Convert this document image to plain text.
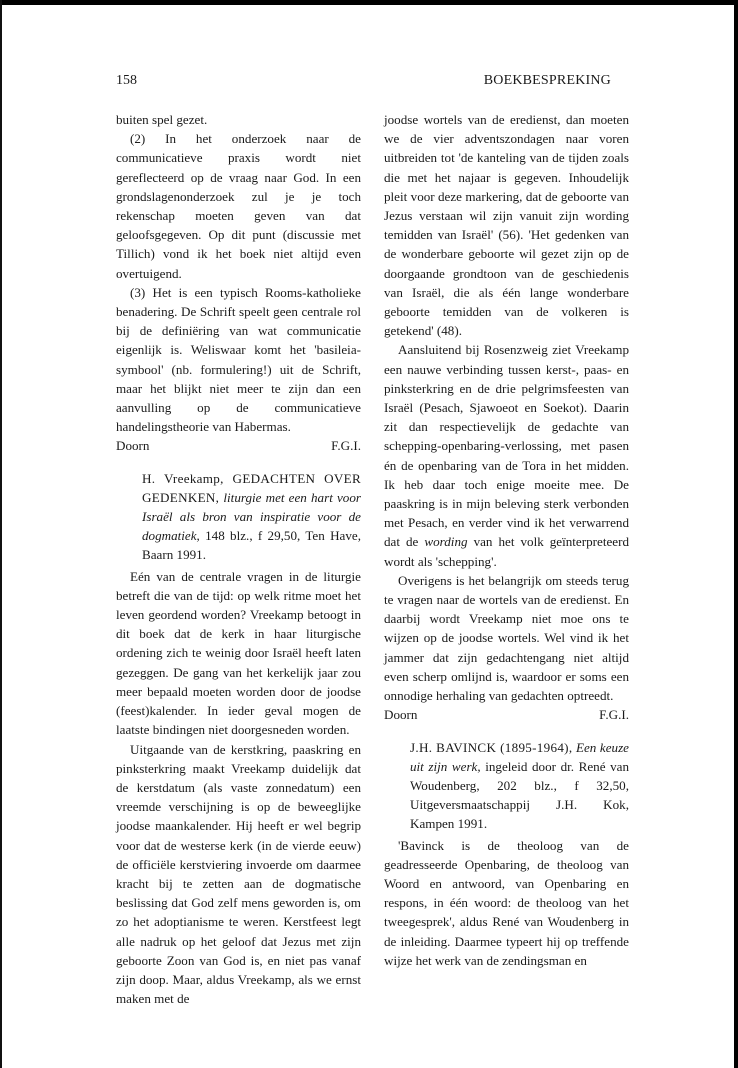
158	BOEKBESPREKING

buiten spel gezet.

(2) In het onderzoek naar de communicatieve praxis wordt niet gereflecteerd op de vraag naar God. In een grondslagenonderzoek zul je je toch rekenschap moeten geven van dat geloofsgegeven. Op dit punt (discussie met Tillich) vond ik het boek niet altijd even overtuigend.

(3) Het is een typisch Rooms-katholieke benadering. De Schrift speelt geen centrale rol bij de definiëring van wat communicatie eigenlijk is. Weliswaar komt het 'basileia-symbool' (nb. formulering!) uit de Schrift, maar het blijkt niet meer te zijn dan een aanvulling op de communicatieve handelingstheorie van Habermas.

Doorn	F.G.I.
H. Vreekamp, GEDACHTEN OVER GEDENKEN, liturgie met een hart voor Israël als bron van inspiratie voor de dogmatiek, 148 blz., f 29,50, Ten Have, Baarn 1991.

Eén van de centrale vragen in de liturgie betreft die van de tijd: op welk ritme moet het leven geordend worden? Vreekamp betoogt in dit boek dat de kerk in haar liturgische ordening zich te weinig door Israël heeft laten gezeggen. De gang van het kerkelijk jaar zou meer bepaald moeten worden door de joodse (feest)kalender. In ieder geval mogen de laatste bindingen niet doorgesneden worden.

Uitgaande van de kerstkring, paaskring en pinksterkring maakt Vreekamp duidelijk dat de kerstdatum (als vaste zonnedatum) een vreemde verschijning is op de beweeglijke joodse maankalender. Hij heeft er wel begrip voor dat de westerse kerk (in de vierde eeuw) de officiële kerstviering invoerde om daarmee kracht bij te zetten aan de dogmatische beslissing dat God zelf mens geworden is, om zo het adoptianisme te weren. Kerstfeest legt alle nadruk op het geloof dat Jezus met zijn geboorte Zoon van God is, en niet pas vanaf zijn doop. Maar, aldus Vreekamp, als we ernst maken met de

joodse wortels van de eredienst, dan moeten we de vier adventszondagen naar voren uitbreiden tot 'de kanteling van de tijden zoals die met het najaar is gegeven. Inhoudelijk pleit voor deze markering, dat de geboorte van Jezus verstaan wil zijn vanuit zijn wording temidden van Israël' (56). 'Het gedenken van de wonderbare geboorte wil gezet zijn op de doorgaande grondtoon van de geschiedenis van Israël, die als één lange wonderbare geboorte temidden van de volkeren is getekend' (48).

Aansluitend bij Rosenzweig ziet Vreekamp een nauwe verbinding tussen kerst-, paas- en pinksterkring en de drie pelgrimsfeesten van Israël (Pesach, Sjawoeot en Soekot). Daarin zit dan respectievelijk de gedachte van schepping-openbaring-verlossing, met pasen én de openbaring van de Tora in het midden. Ik heb daar toch enige moeite mee. De paaskring is in mijn beleving sterk verbonden met Pesach, en verder vind ik het verwarrend dat de wording van het volk geïnterpreteerd wordt als 'schepping'.

Overigens is het belangrijk om steeds terug te vragen naar de wortels van de eredienst. En daarbij wordt Vreekamp niet moe ons te wijzen op de joodse wortels. Wel vind ik het jammer dat zijn gedachtengang niet altijd even scherp omlijnd is, waardoor er soms een onnodige herhaling van gedachten optreedt.

Doorn	F.G.I.
J.H. BAVINCK (1895-1964), Een keuze uit zijn werk, ingeleid door dr. René van Woudenberg, 202 blz., f 32,50, Uitgeversmaatschappij J.H. Kok, Kampen 1991.

'Bavinck is de theoloog van de geadresseerde Openbaring, de theoloog van Woord en antwoord, van Openbaring en respons, in één woord: de theoloog van het tweegesprek', aldus René van Woudenberg in de inleiding. Daarmee typeert hij op treffende wijze het werk van de zendingsman en
